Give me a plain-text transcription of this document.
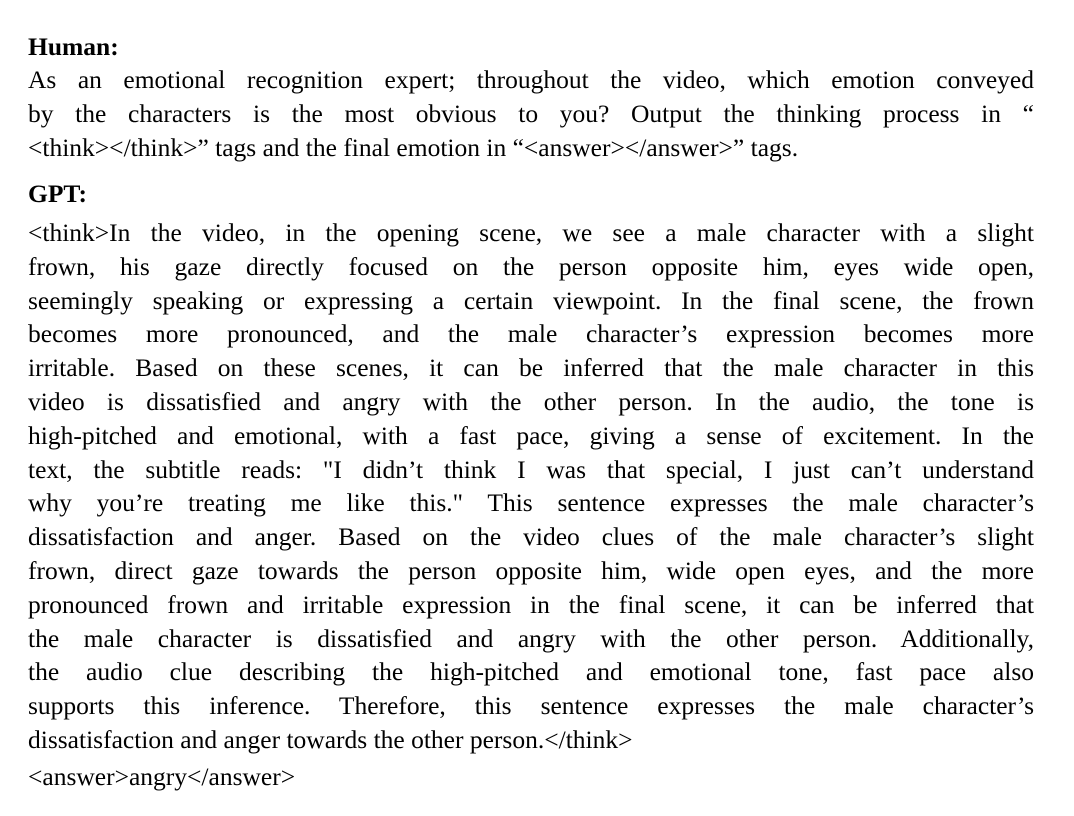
Human:
As an emotional recognition expert; throughout the video, which emotion conveyed
by the characters is the most obvious to you? Output the thinking process in “
<think></think>” tags and the final emotion in “<answer></answer>” tags.
GPT:
<think>In the video, in the opening scene, we see a male character with a slight
frown, his gaze directly focused on the person opposite him, eyes wide open,
seemingly speaking or expressing a certain viewpoint. In the final scene, the frown
becomes more pronounced, and the male character’s expression becomes more
irritable. Based on these scenes, it can be inferred that the male character in this
video is dissatisfied and angry with the other person. In the audio, the tone is
high-pitched and emotional, with a fast pace, giving a sense of excitement. In the
text, the subtitle reads: "I didn’t think I was that special, I just can’t understand
why you’re treating me like this." This sentence expresses the male character’s
dissatisfaction and anger. Based on the video clues of the male character’s slight
frown, direct gaze towards the person opposite him, wide open eyes, and the more
pronounced frown and irritable expression in the final scene, it can be inferred that
the male character is dissatisfied and angry with the other person. Additionally,
the audio clue describing the high-pitched and emotional tone, fast pace also
supports this inference. Therefore, this sentence expresses the male character’s
dissatisfaction and anger towards the other person.</think>
<answer>angry</answer>
